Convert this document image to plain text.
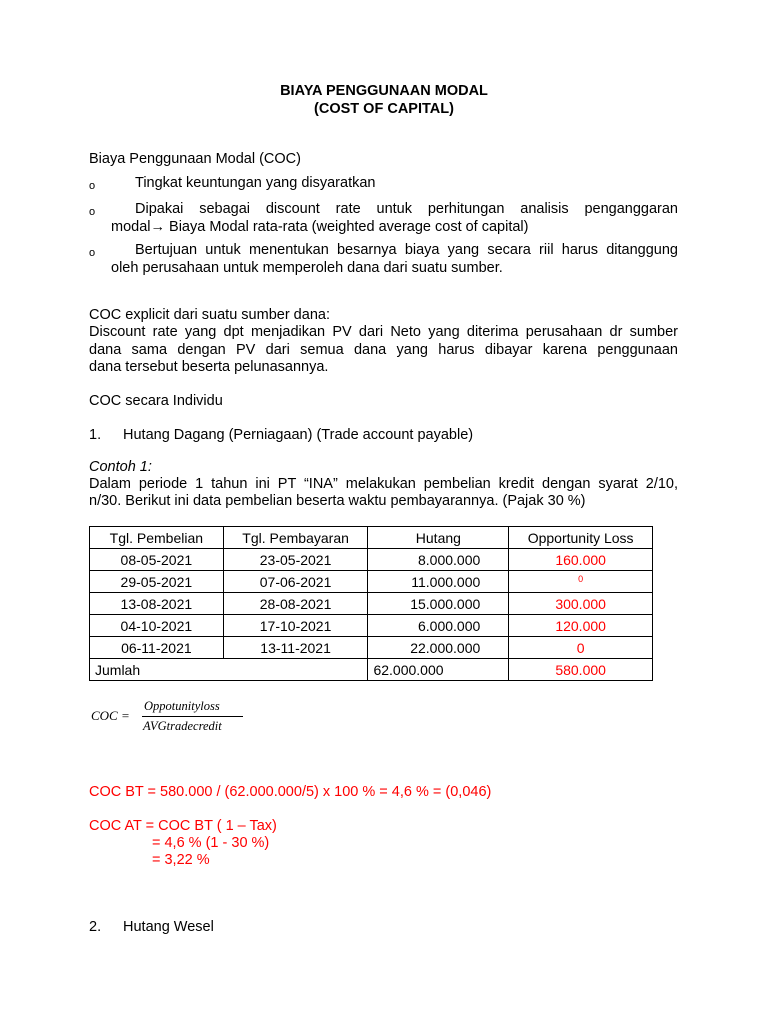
BIAYA PENGGUNAAN MODAL
(COST OF CAPITAL)
Biaya Penggunaan Modal (COC)
o	Tingkat keuntungan yang disyaratkan
o	Dipakai sebagai discount rate untuk perhitungan analisis penganggaran
modal→ Biaya Modal rata-rata (weighted average cost of capital)
o	Bertujuan untuk menentukan besarnya biaya yang secara riil harus ditanggung
oleh perusahaan untuk memperoleh dana dari suatu sumber.
COC explicit dari suatu sumber dana:
Discount rate yang dpt menjadikan PV dari Neto yang diterima perusahaan dr sumber
dana sama dengan PV dari semua dana yang harus dibayar karena penggunaan
dana tersebut beserta pelunasannya.
COC secara Individu
1. Hutang Dagang (Perniagaan) (Trade account payable)
Contoh 1:
Dalam periode 1 tahun ini PT “INA” melakukan pembelian kredit dengan syarat 2/10,
n/30. Berikut ini data pembelian beserta waktu pembayarannya. (Pajak 30 %)
Tgl. Pembelian	Tgl. Pembayaran	Hutang	Opportunity Loss
08-05-2021	23-05-2021	8.000.000	160.000
29-05-2021	07-06-2021	11.000.000	$^0$
13-08-2021	28-08-2021	15.000.000	300.000
04-10-2021	17-10-2021	6.000.000	120.000
06-11-2021	13-11-2021	22.000.000	0
Jumlah		62.000.000	580.000
COC =
Oppotunityloss
AVGtradecredit
COC BT = 580.000 / (62.000.000/5) x 100 % = 4,6 % = (0,046)
COC AT = COC BT ( 1 – Tax)
= 4,6 % (1 - 30 %)
= 3,22 %
2. Hutang Wesel
